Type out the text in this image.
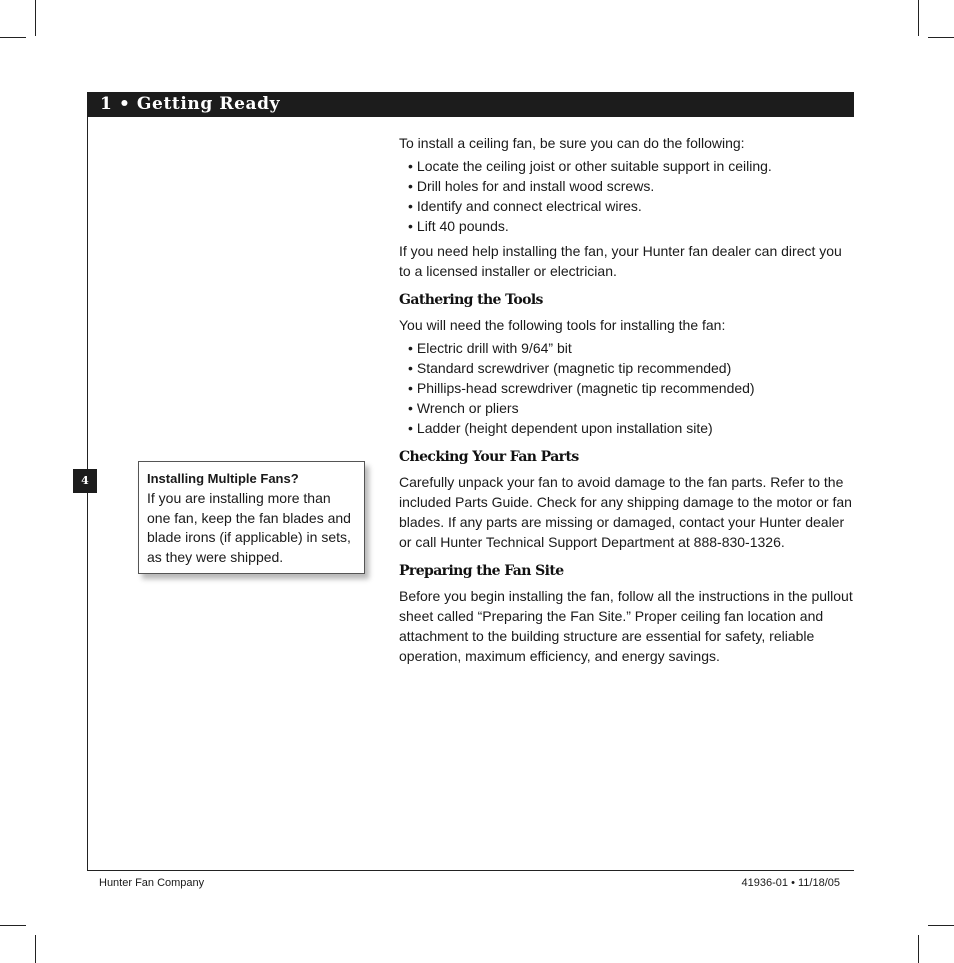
1 • Getting Ready
4	Installing Multiple Fans?
If you are installing more than one fan, keep the fan blades and blade irons (if applicable) in sets, as they were shipped.

To install a ceiling fan, be sure you can do the following:

• Locate the ceiling joist or other suitable support in ceiling.
• Drill holes for and install wood screws.
• Identify and connect electrical wires.
• Lift 40 pounds.

If you need help installing the fan, your Hunter fan dealer can direct you to a licensed installer or electrician.

Gathering the Tools

You will need the following tools for installing the fan:

• Electric drill with 9/64” bit
• Standard screwdriver (magnetic tip recommended)
• Phillips-head screwdriver (magnetic tip recommended)
• Wrench or pliers
• Ladder (height dependent upon installation site)
Checking Your Fan Parts

Carefully unpack your fan to avoid damage to the fan parts. Refer to the included Parts Guide. Check for any shipping damage to the motor or fan blades. If any parts are missing or damaged, contact your Hunter dealer or call Hunter Technical Support Department at 888-830-1326.

Preparing the Fan Site

Before you begin installing the fan, follow all the instructions in the pullout sheet called “Preparing the Fan Site.” Proper ceiling fan location and attachment to the building structure are essential for safety, reliable operation, maximum efficiency, and energy savings.

Hunter Fan Company	41936-01 • 11/18/05
